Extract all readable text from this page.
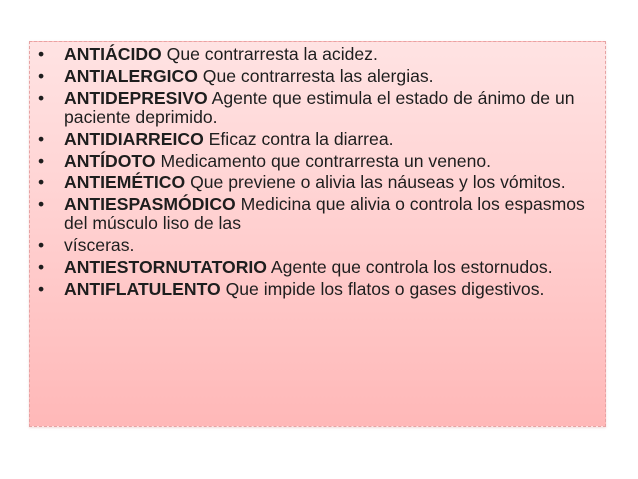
•	ANTIÁCIDO Que contrarresta la acidez.
•	ANTIALERGICO Que contrarresta las alergias.
•	ANTIDEPRESIVO Agente que estimula el estado de ánimo de un paciente deprimido.
•	ANTIDIARREICO Eficaz contra la diarrea.
•	ANTÍDOTO Medicamento que contrarresta un veneno.
•	ANTIEMÉTICO Que previene o alivia las náuseas y los vómitos.
•	ANTIESPASMÓDICO Medicina que alivia o controla los espasmos del músculo liso de las
•	vísceras.
•	ANTIESTORNUTATORIO Agente que controla los estornudos.
•	ANTIFLATULENTO Que impide los flatos o gases digestivos.
